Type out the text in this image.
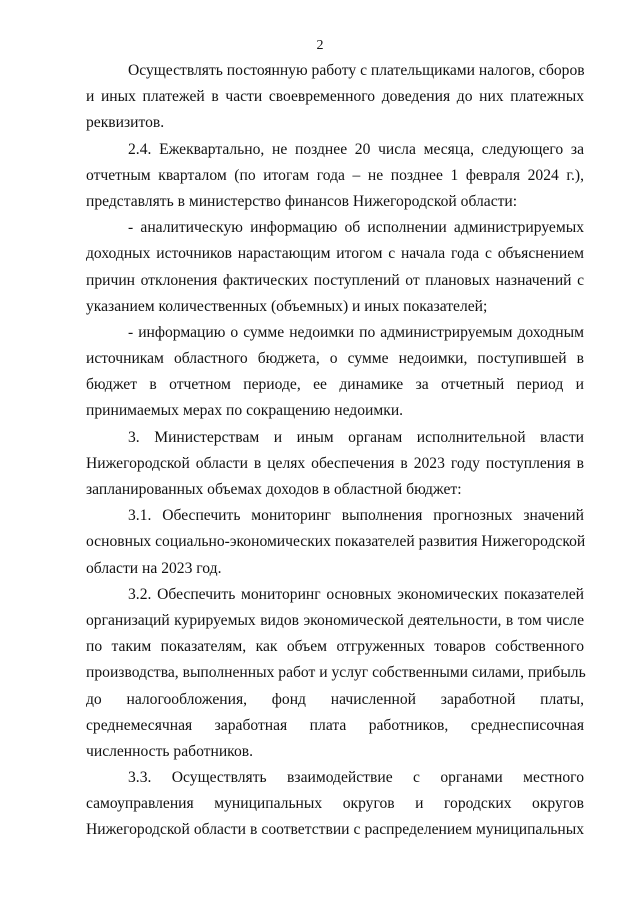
2
Осуществлять постоянную работу с плательщиками налогов, сборов
и иных платежей в части своевременного доведения до них платежных
реквизитов.
2.4. Ежеквартально, не позднее 20 числа месяца, следующего за
отчетным кварталом (по итогам года – не позднее 1 февраля 2024 г.),
представлять в министерство финансов Нижегородской области:
- аналитическую информацию об исполнении администрируемых
доходных источников нарастающим итогом с начала года с объяснением
причин отклонения фактических поступлений от плановых назначений с
указанием количественных (объемных) и иных показателей;
- информацию о сумме недоимки по администрируемым доходным
источникам областного бюджета, о сумме недоимки, поступившей в
бюджет в отчетном периоде, ее динамике за отчетный период и
принимаемых мерах по сокращению недоимки.
3. Министерствам и иным органам исполнительной власти
Нижегородской области в целях обеспечения в 2023 году поступления в
запланированных объемах доходов в областной бюджет:
3.1. Обеспечить мониторинг выполнения прогнозных значений
основных социально-экономических показателей развития Нижегородской
области на 2023 год.
3.2. Обеспечить мониторинг основных экономических показателей
организаций курируемых видов экономической деятельности, в том числе
по таким показателям, как объем отгруженных товаров собственного
производства, выполненных работ и услуг собственными силами, прибыль
до налогообложения, фонд начисленной заработной платы,
среднемесячная заработная плата работников, среднесписочная
численность работников.
3.3. Осуществлять взаимодействие с органами местного
самоуправления муниципальных округов и городских округов
Нижегородской области в соответствии с распределением муниципальных
